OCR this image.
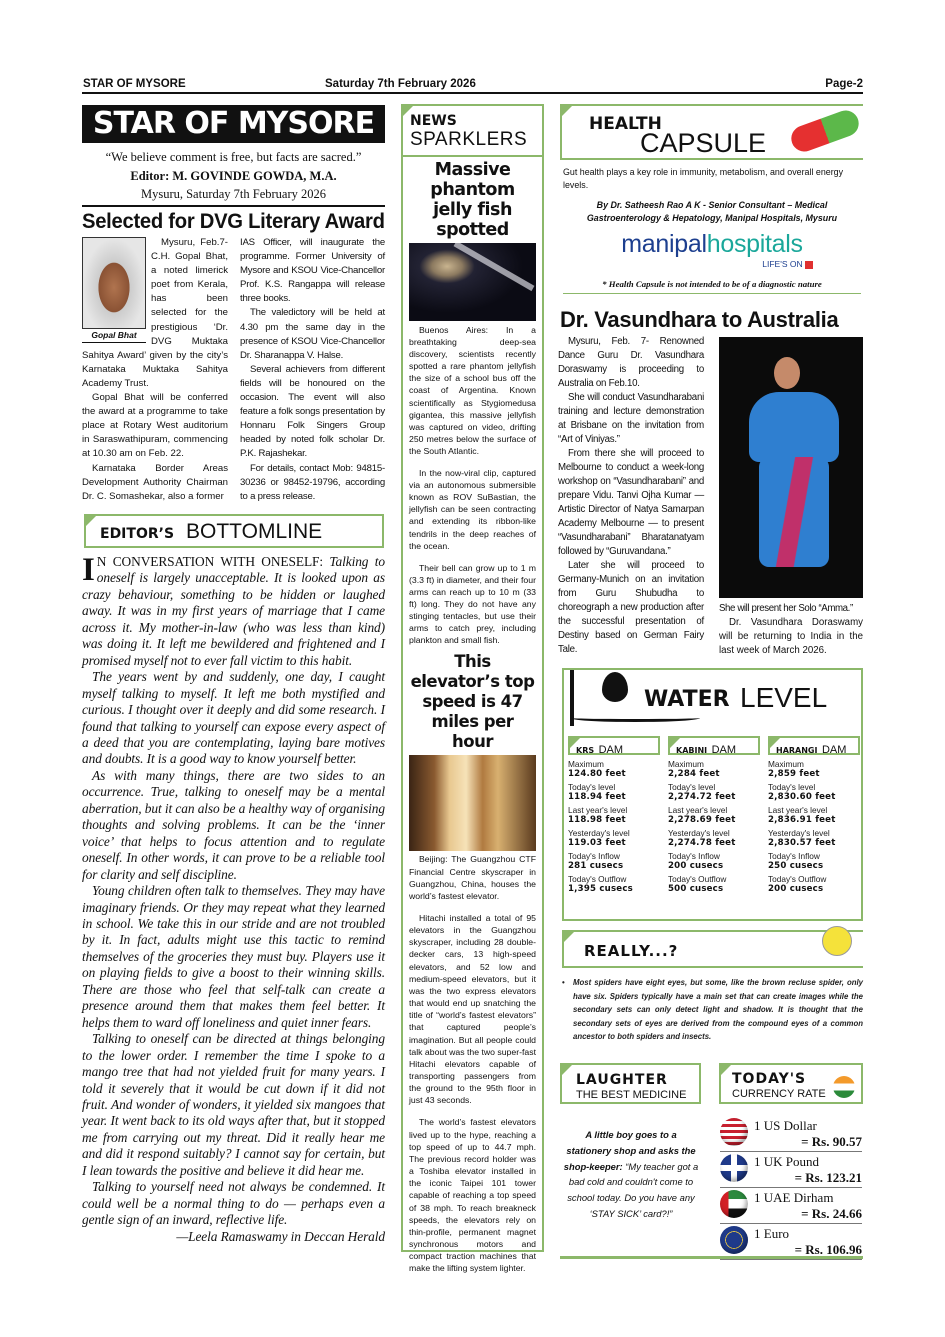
STAR OF MYSORE	Saturday 7th February 2026	Page-2
STAR OF MYSORE
“We believe comment is free, but facts are sacred.”
Editor: M. GOVINDE GOWDA, M.A.
Mysuru, Saturday 7th February 2026
Selected for DVG Literary Award
Gopal Bhat

Mysuru, Feb.7- C.H. Gopal Bhat, a noted limerick poet from Kerala, has been selected for the prestigious ‘Dr. DVG Muktaka Sahitya Award’ given by the city’s Karnataka Muktaka Sahitya Academy Trust.

Gopal Bhat will be conferred the award at a programme to take place at Rotary West auditorium in Saraswathipuram, commencing at 10.30 am on Feb. 22.

Karnataka Border Areas Development Authority Chairman Dr. C. Somashekar, also a former

IAS Officer, will inaugurate the programme. Former University of Mysore and KSOU Vice-Chancellor Prof. K.S. Rangappa will release three books.

The valedictory will be held at 4.30 pm the same day in the presence of KSOU Vice-Chancellor Dr. Sharanappa V. Halse.

Several achievers from different fields will be honoured on the occasion. The event will also feature a folk songs presentation by Honnaru Folk Singers Group headed by noted folk scholar Dr. P.K. Rajashekar.

For details, contact Mob: 94815-30236 or 98452-19796, according to a press release.

EDITOR’S BOTTOMLINE

I N CONVERSATION WITH ONESELF: Talking to oneself is largely unacceptable. It is looked upon as crazy behaviour, something to be hidden or laughed away. It was in my first years of marriage that I came across it. My mother-in-law (who was less than kind) was doing it. It left me bewildered and frightened and I promised myself not to ever fall victim to this habit.

The years went by and suddenly, one day, I caught myself talking to myself. It left me both mystified and curious. I thought over it deeply and did some research. I found that talking to yourself can expose every aspect of a deed that you are contemplating, laying bare motives and doubts. It is a good way to know yourself better.

As with many things, there are two sides to an occurrence. True, talking to oneself may be a mental aberration, but it can also be a healthy way of organising thoughts and solving problems. It can be the ‘inner voice’ that helps to focus attention and to regulate oneself. In other words, it can prove to be a reliable tool for clarity and self discipline.

Young children often talk to themselves. They may have imaginary friends. Or they may repeat what they learned in school. We take this in our stride and are not troubled by it. In fact, adults might use this tactic to remind themselves of the groceries they must buy. Players use it on playing fields to give a boost to their winning skills. There are those who feel that self-talk can create a presence around them that makes them feel better. It helps them to ward off loneliness and quiet inner fears.

Talking to oneself can be directed at things belonging to the lower order. I remember the time I spoke to a mango tree that had not yielded fruit for many years. I told it severely that it would be cut down if it did not fruit. And wonder of wonders, it yielded six mangoes that year. It went back to its old ways after that, but it stopped me from carrying out my threat. Did it really hear me and did it respond suitably? I cannot say for certain, but I lean towards the positive and believe it did hear me.

Talking to yourself need not always be condemned. It could well be a normal thing to do — perhaps even a gentle sign of an inward, reflective life.

—Leela Ramaswamy in Deccan Herald

NEWS
SPARKLERS
Massive phantom jelly fish spotted

Buenos Aires: In a breathtaking deep-sea discovery, scientists recently spotted a rare phantom jellyfish the size of a school bus off the coast of Argentina. Known scientifically as Stygiomedusa gigantea, this massive jellyfish was captured on video, drifting 250 metres below the surface of the South Atlantic.

In the now-viral clip, captured via an autonomous submersible known as ROV SuBastian, the jellyfish can be seen contracting and extending its ribbon-like tendrils in the deep reaches of the ocean.

Their bell can grow up to 1 m (3.3 ft) in diameter, and their four arms can reach up to 10 m (33 ft) long. They do not have any stinging tentacles, but use their arms to catch prey, including plankton and small fish.

This elevator’s top speed is 47 miles per hour

Beijing: The Guangzhou CTF Financial Centre skyscraper in Guangzhou, China, houses the world’s fastest elevator.

Hitachi installed a total of 95 elevators in the Guangzhou skyscraper, including 28 double-decker cars, 13 high-speed elevators, and 52 low and medium-speed elevators, but it was the two express elevators that would end up snatching the title of “world’s fastest elevators” that captured people’s imagination. But all people could talk about was the two super-fast Hitachi elevators capable of transporting passengers from the ground to the 95th floor in just 43 seconds.

The world’s fastest elevators lived up to the hype, reaching a top speed of up to 44.7 mph. The previous record holder was a Toshiba elevator installed in the iconic Taipei 101 tower capable of reaching a top speed of 38 mph. To reach breakneck speeds, the elevators rely on thin-profile, permanent magnet synchronous motors and compact traction machines that make the lifting system lighter.

HEALTH
CAPSULE

Gut health plays a key role in immunity, metabolism, and overall energy levels.

By Dr. Satheesh Rao A K - Senior Consultant – Medical Gastroenterology & Hepatology, Manipal Hospitals, Mysuru

manipalhospitals
LIFE'S ON

* Health Capsule is not intended to be of a diagnostic nature

Dr. Vasundhara to Australia

Mysuru, Feb. 7- Renowned Dance Guru Dr. Vasundhara Doraswamy is proceeding to Australia on Feb.10.

She will conduct Vasundharabani training and lecture demonstration at Brisbane on the invitation from “Art of Viniyas.”

From there she will proceed to Melbourne to conduct a week-long workshop on “Vasundharabani” and prepare Vidu. Tanvi Ojha Kumar — Artistic Director of Natya Samarpan Academy Melbourne — to present “Vasundharabani” Bharatanatyam followed by “Guruvandana.”

Later she will proceed to Germany-Munich on an invitation from Guru Shubudha to choreograph a new production after the successful presentation of Destiny based on German Fairy Tale.

She will present her Solo “Amma.”

Dr. Vasundhara Doraswamy will be returning to India in the last week of March 2026.

WATER LEVEL
KRS DAM
Maximum
124.80 feet
Today's level
118.94 feet
Last year's level
118.98 feet
Yesterday's level
119.03 feet
Today's Inflow
281 cusecs
Today's Outflow
1,395 cusecs
KABINI DAM
Maximum
2,284 feet
Today's level
2,274.72 feet
Last year's level
2,278.69 feet
Yesterday's level
2,274.78 feet
Today's Inflow
200 cusecs
Today's Outflow
500 cusecs
HARANGI DAM
Maximum
2,859 feet
Today's level
2,830.60 feet
Last year's level
2,836.91 feet
Yesterday's level
2,830.57 feet
Today's Inflow
250 cusecs
Today's Outflow
200 cusecs
REALLY...?
•	Most spiders have eight eyes, but some, like the brown recluse spider, only have six. Spiders typically have a main set that can create images while the secondary sets can only detect light and shadow. It is thought that the secondary sets of eyes are derived from the compound eyes of a common ancestor to both spiders and insects.

LAUGHTER
THE BEST MEDICINE
A little boy goes to a stationery shop and asks the shop-keeper: “My teacher got a bad cold and couldn't come to school today. Do you have any ‘STAY SICK’ card?!”
TODAY'S
CURRENCY RATE
1 US Dollar
= Rs. 90.57
1 UK Pound
= Rs. 123.21
1 UAE Dirham
= Rs. 24.66
1 Euro
= Rs. 106.96
